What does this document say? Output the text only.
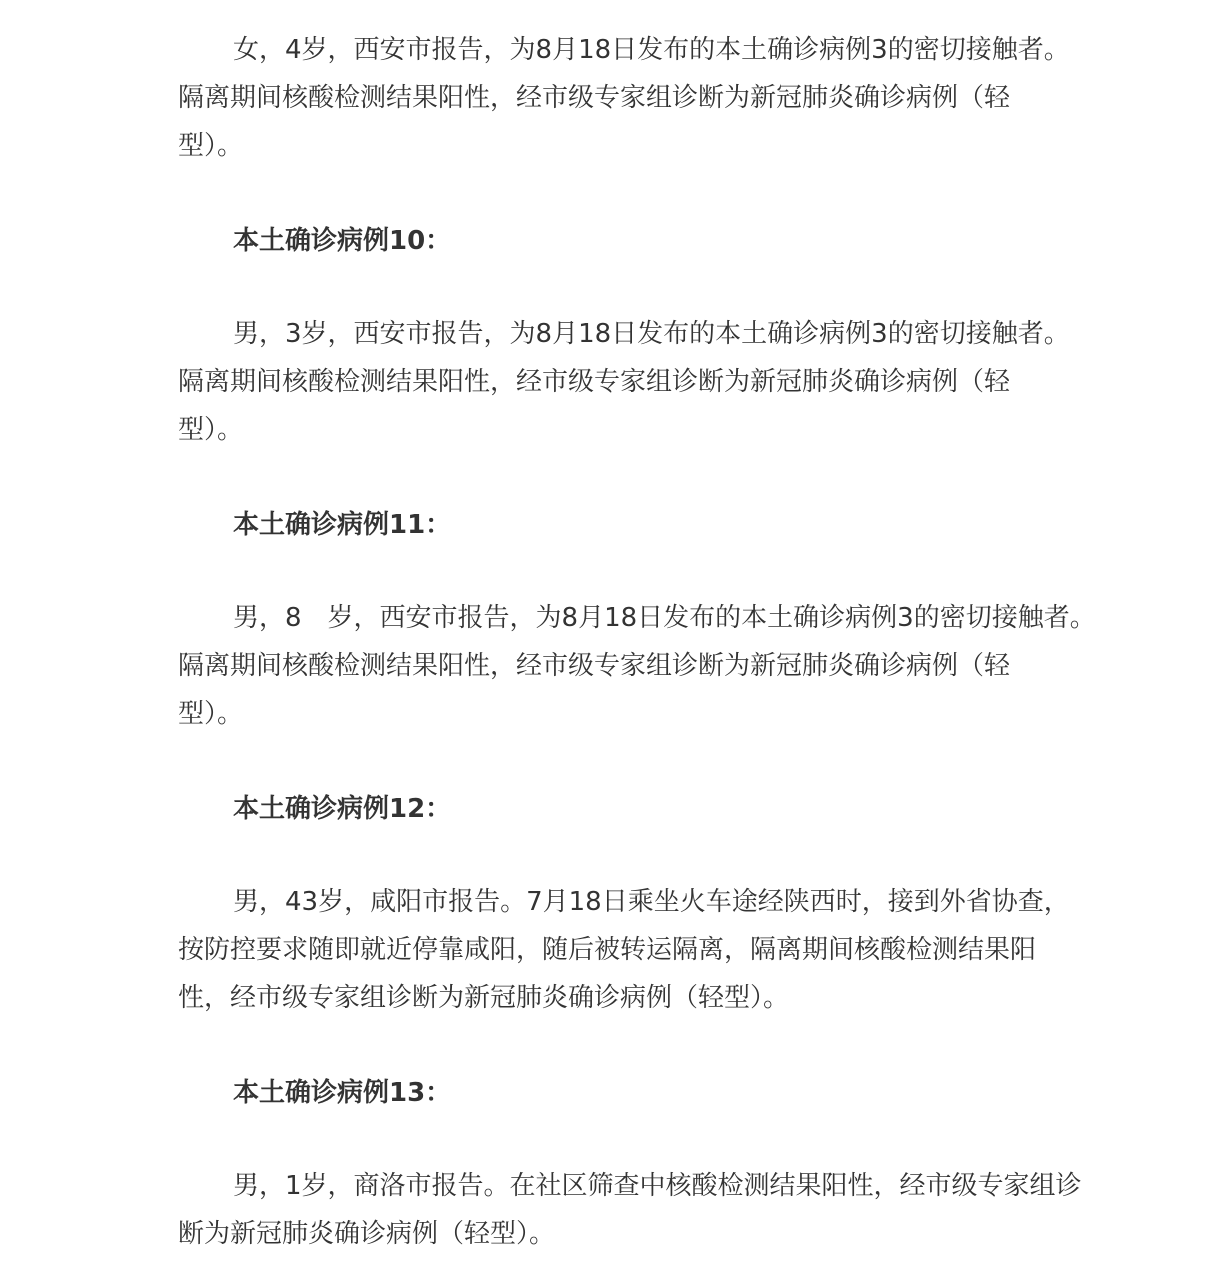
女，4岁，西安市报告，为8月18日发布的本土确诊病例3的密切接触者。
隔离期间核酸检测结果阳性，经市级专家组诊断为新冠肺炎确诊病例（轻
型）。

本土确诊病例10：

男，3岁，西安市报告，为8月18日发布的本土确诊病例3的密切接触者。
隔离期间核酸检测结果阳性，经市级专家组诊断为新冠肺炎确诊病例（轻
型）。

本土确诊病例11：

男，8　岁，西安市报告，为8月18日发布的本土确诊病例3的密切接触者。
隔离期间核酸检测结果阳性，经市级专家组诊断为新冠肺炎确诊病例（轻
型）。

本土确诊病例12：

男，43岁，咸阳市报告。7月18日乘坐火车途经陕西时，接到外省协查，
按防控要求随即就近停靠咸阳，随后被转运隔离，隔离期间核酸检测结果阳
性，经市级专家组诊断为新冠肺炎确诊病例（轻型）。

本土确诊病例13：

男，1岁，商洛市报告。在社区筛查中核酸检测结果阳性，经市级专家组诊
断为新冠肺炎确诊病例（轻型）。
